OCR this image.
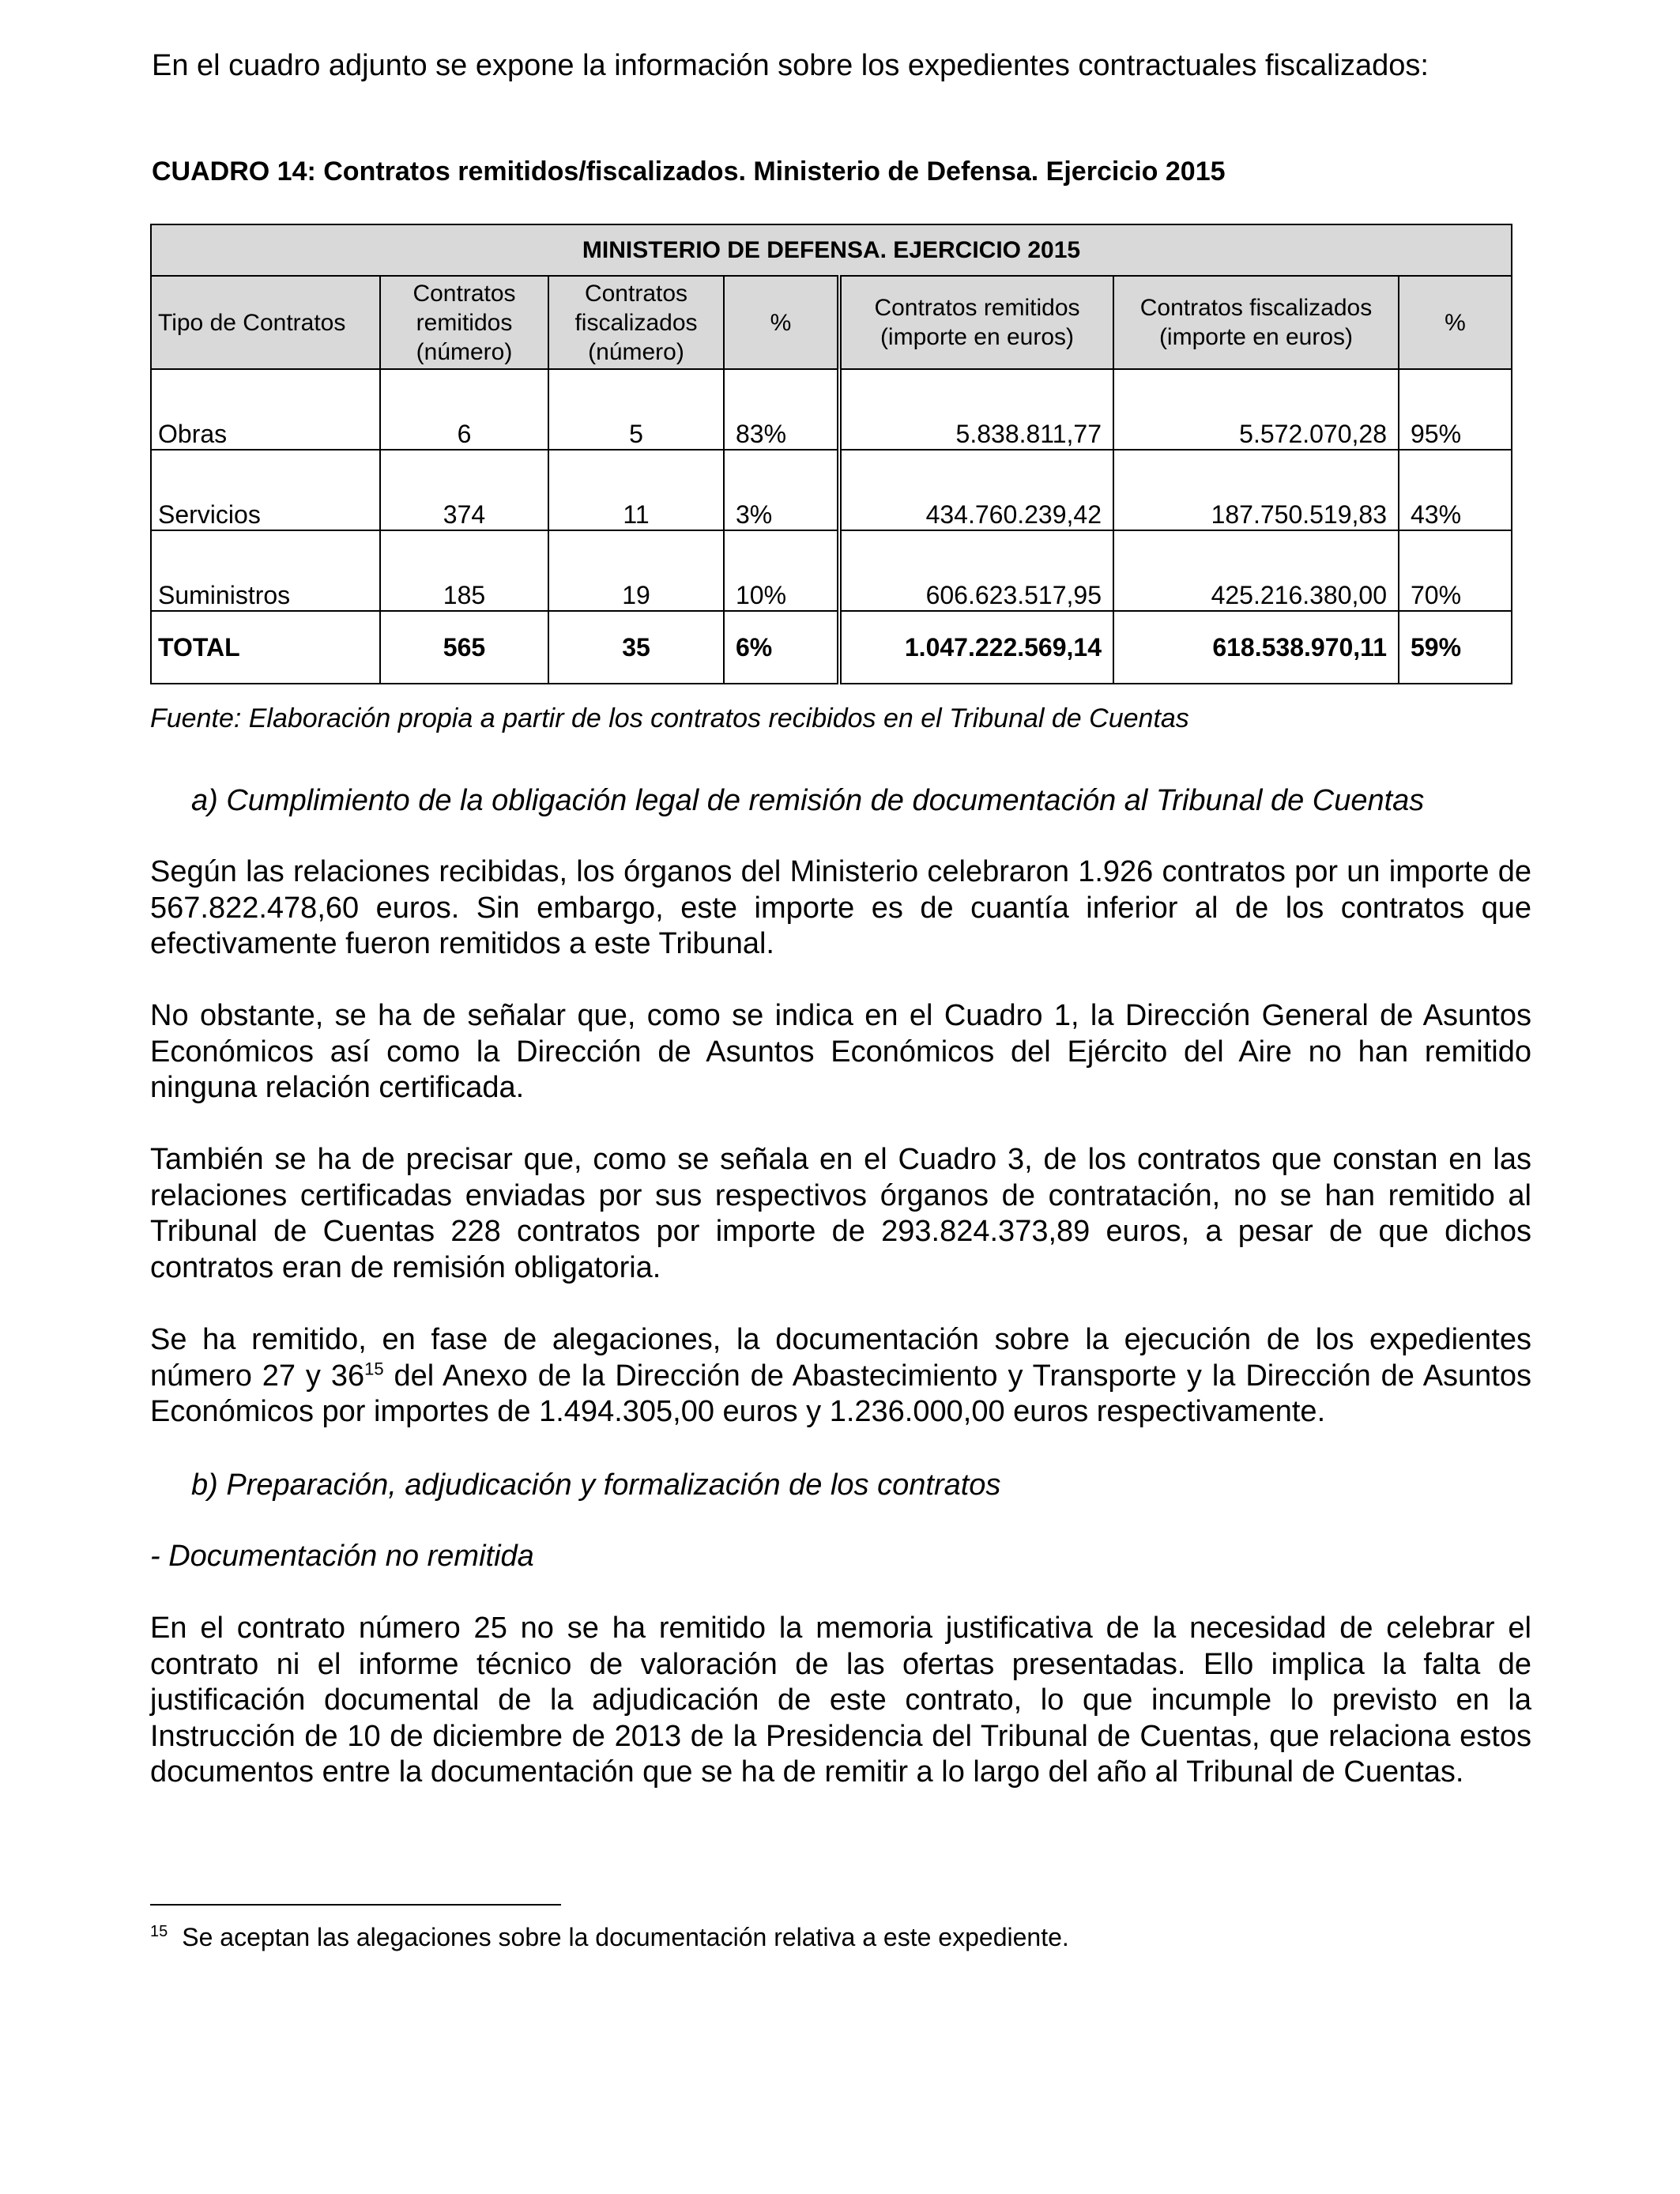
En el cuadro adjunto se expone la información sobre los expedientes contractuales fiscalizados:
CUADRO 14: Contratos remitidos/fiscalizados. Ministerio de Defensa. Ejercicio 2015
MINISTERIO DE DEFENSA. EJERCICIO 2015						
Tipo de Contratos	Contratos remitidos (número)	Contratos fiscalizados (número)	%	Contratos remitidos (importe en euros)	Contratos fiscalizados (importe en euros)	%
Obras	6	5	83%	5.838.811,77	5.572.070,28	95%
Servicios	374	11	3%	434.760.239,42	187.750.519,83	43%
Suministros	185	19	10%	606.623.517,95	425.216.380,00	70%
TOTAL	565	35	6%	1.047.222.569,14	618.538.970,11	59%
Fuente: Elaboración propia a partir de los contratos recibidos en el Tribunal de Cuentas
a) Cumplimiento de la obligación legal de remisión de documentación al Tribunal de Cuentas
Según las relaciones recibidas, los órganos del Ministerio celebraron 1.926 contratos por un importe de 567.822.478,60 euros. Sin embargo, este importe es de cuantía inferior al de los contratos que efectivamente fueron remitidos a este Tribunal.
No obstante, se ha de señalar que, como se indica en el Cuadro 1, la Dirección General de Asuntos Económicos así como la Dirección de Asuntos Económicos del Ejército del Aire no han remitido ninguna relación certificada.
También se ha de precisar que, como se señala en el Cuadro 3, de los contratos que constan en las relaciones certificadas enviadas por sus respectivos órganos de contratación, no se han remitido al Tribunal de Cuentas 228 contratos por importe de 293.824.373,89 euros, a pesar de que dichos contratos eran de remisión obligatoria.
Se ha remitido, en fase de alegaciones, la documentación sobre la ejecución de los expedientes número 27 y $36^{15}$ del Anexo de la Dirección de Abastecimiento y Transporte y la Dirección de Asuntos Económicos por importes de 1.494.305,00 euros y 1.236.000,00 euros respectivamente.
b) Preparación, adjudicación y formalización de los contratos
- Documentación no remitida
En el contrato número 25 no se ha remitido la memoria justificativa de la necesidad de celebrar el contrato ni el informe técnico de valoración de las ofertas presentadas. Ello implica la falta de justificación documental de la adjudicación de este contrato, lo que incumple lo previsto en la Instrucción de 10 de diciembre de 2013 de la Presidencia del Tribunal de Cuentas, que relaciona estos documentos entre la documentación que se ha de remitir a lo largo del año al Tribunal de Cuentas.
$^{15}$ Se aceptan las alegaciones sobre la documentación relativa a este expediente.
